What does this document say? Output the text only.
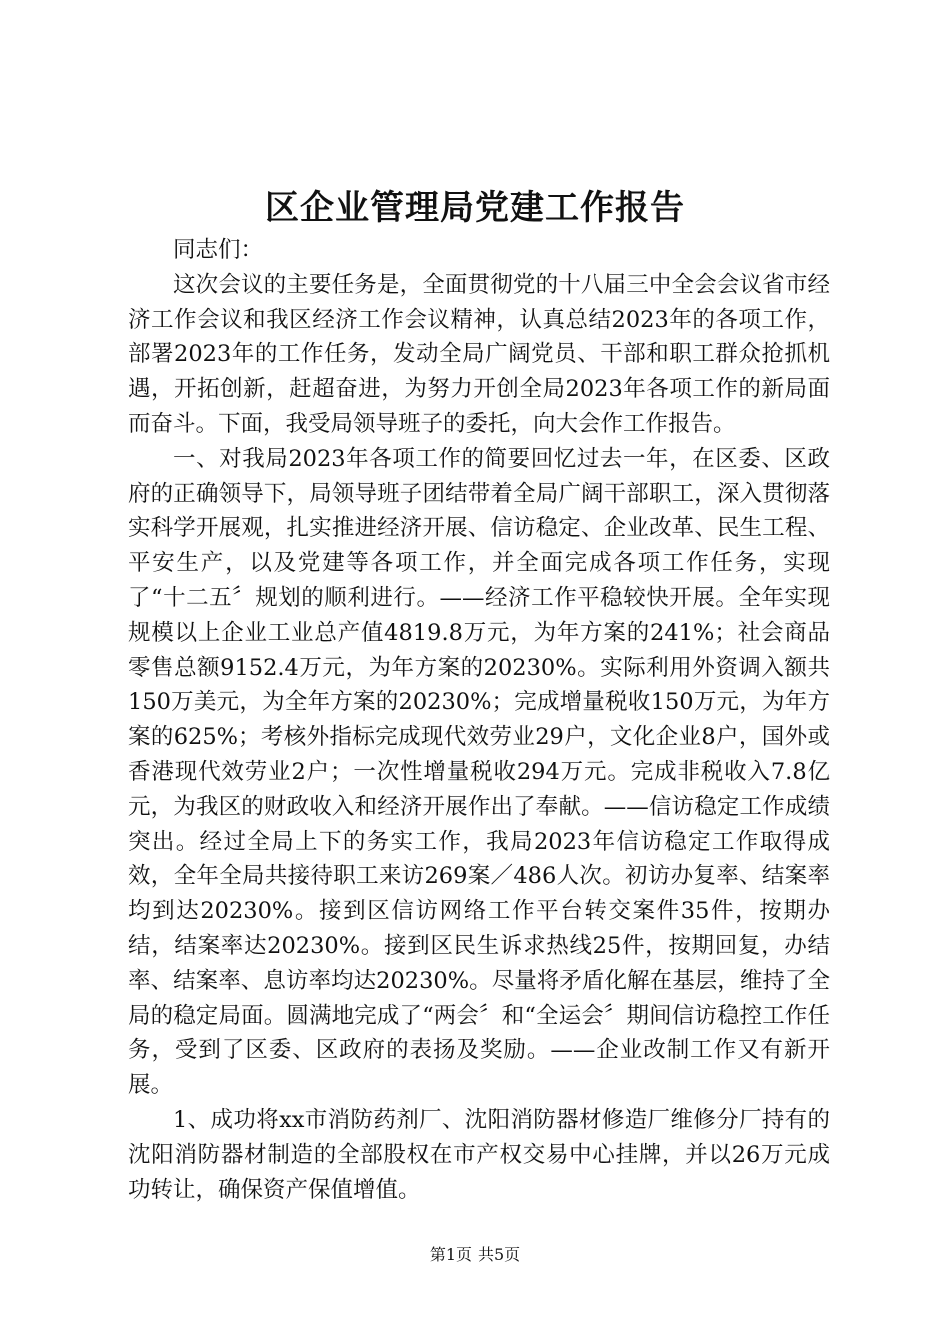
区企业管理局党建工作报告

同志们：

这次会议的主要任务是，全面贯彻党的十八届三中全会会议省市经济工作会议和我区经济工作会议精神，认真总结2023年的各项工作，部署2023年的工作任务，发动全局广阔党员、干部和职工群众抢抓机遇，开拓创新，赶超奋进，为努力开创全局2023年各项工作的新局面而奋斗。下面，我受局领导班子的委托，向大会作工作报告。

一、对我局2023年各项工作的简要回忆过去一年，在区委、区政府的正确领导下，局领导班子团结带着全局广阔干部职工，深入贯彻落实科学开展观，扎实推进经济开展、信访稳定、企业改革、民生工程、平安生产，以及党建等各项工作，并全面完成各项工作任务，实现了“十二五〞规划的顺利进行。——经济工作平稳较快开展。全年实现规模以上企业工业总产值4819.8万元，为年方案的241%；社会商品零售总额9152.4万元，为年方案的20230%。实际利用外资调入额共150万美元，为全年方案的20230%；完成增量税收150万元，为年方案的625%；考核外指标完成现代效劳业29户，文化企业8户，国外或香港现代效劳业2户；一次性增量税收294万元。完成非税收入7.8亿元，为我区的财政收入和经济开展作出了奉献。——信访稳定工作成绩突出。经过全局上下的务实工作，我局2023年信访稳定工作取得成效，全年全局共接待职工来访269案／486人次。初访办复率、结案率均到达20230%。接到区信访网络工作平台转交案件35件，按期办结，结案率达20230%。接到区民生诉求热线25件，按期回复，办结率、结案率、息访率均达20230%。尽量将矛盾化解在基层，维持了全局的稳定局面。圆满地完成了“两会〞和“全运会〞期间信访稳控工作任务，受到了区委、区政府的表扬及奖励。——企业改制工作又有新开展。

1、成功将xx市消防药剂厂、沈阳消防器材修造厂维修分厂持有的沈阳消防器材制造的全部股权在市产权交易中心挂牌，并以26万元成功转让，确保资产保值增值。

第1页 共5页
